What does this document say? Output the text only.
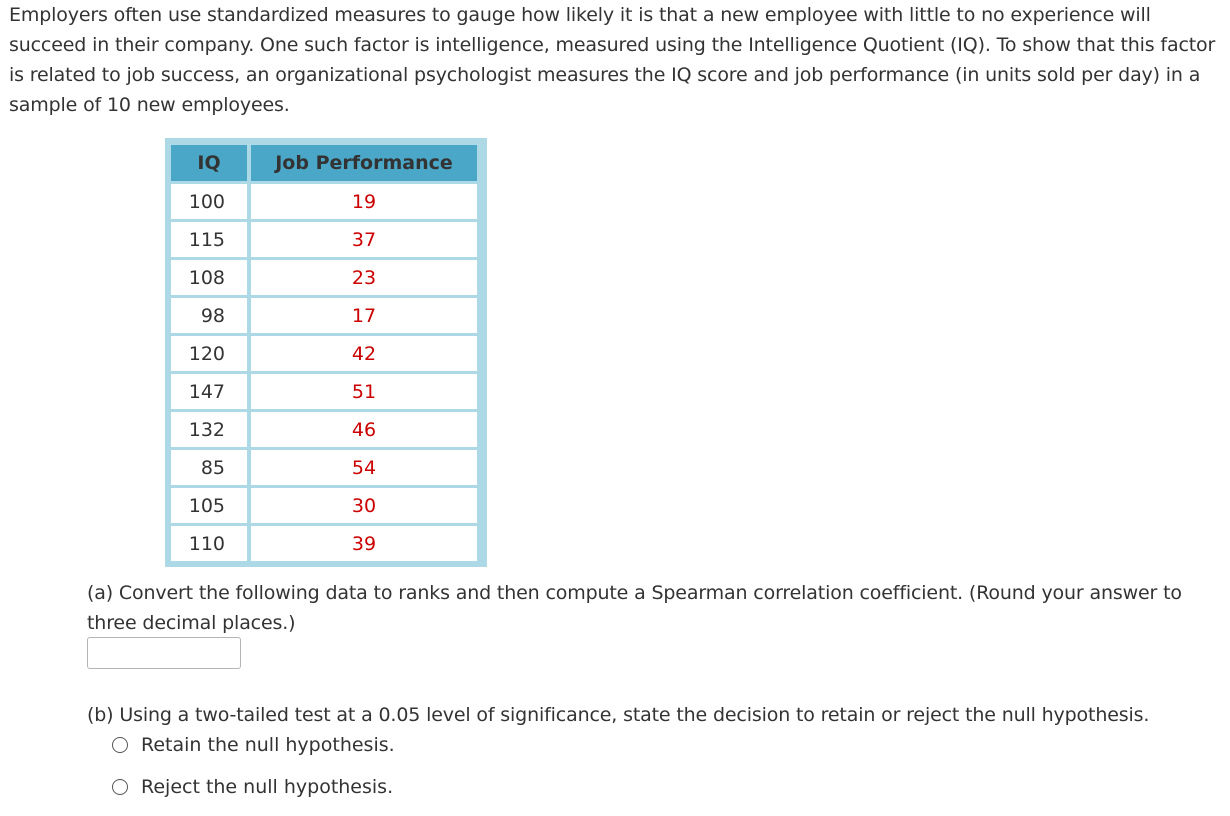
Employers often use standardized measures to gauge how likely it is that a new employee with little to no experience will succeed in their company. One such factor is intelligence, measured using the Intelligence Quotient (IQ). To show that this factor is related to job success, an organizational psychologist measures the IQ score and job performance (in units sold per day) in a sample of 10 new employees.
IQ	Job Performance
100	19
115	37
108	23
98	17
120	42
147	51
132	46
85	54
105	30
110	39
(a) Convert the following data to ranks and then compute a Spearman correlation coefficient. (Round your answer to three decimal places.)
(b) Using a two-tailed test at a 0.05 level of significance, state the decision to retain or reject the null hypothesis.
Retain the null hypothesis.
Reject the null hypothesis.
